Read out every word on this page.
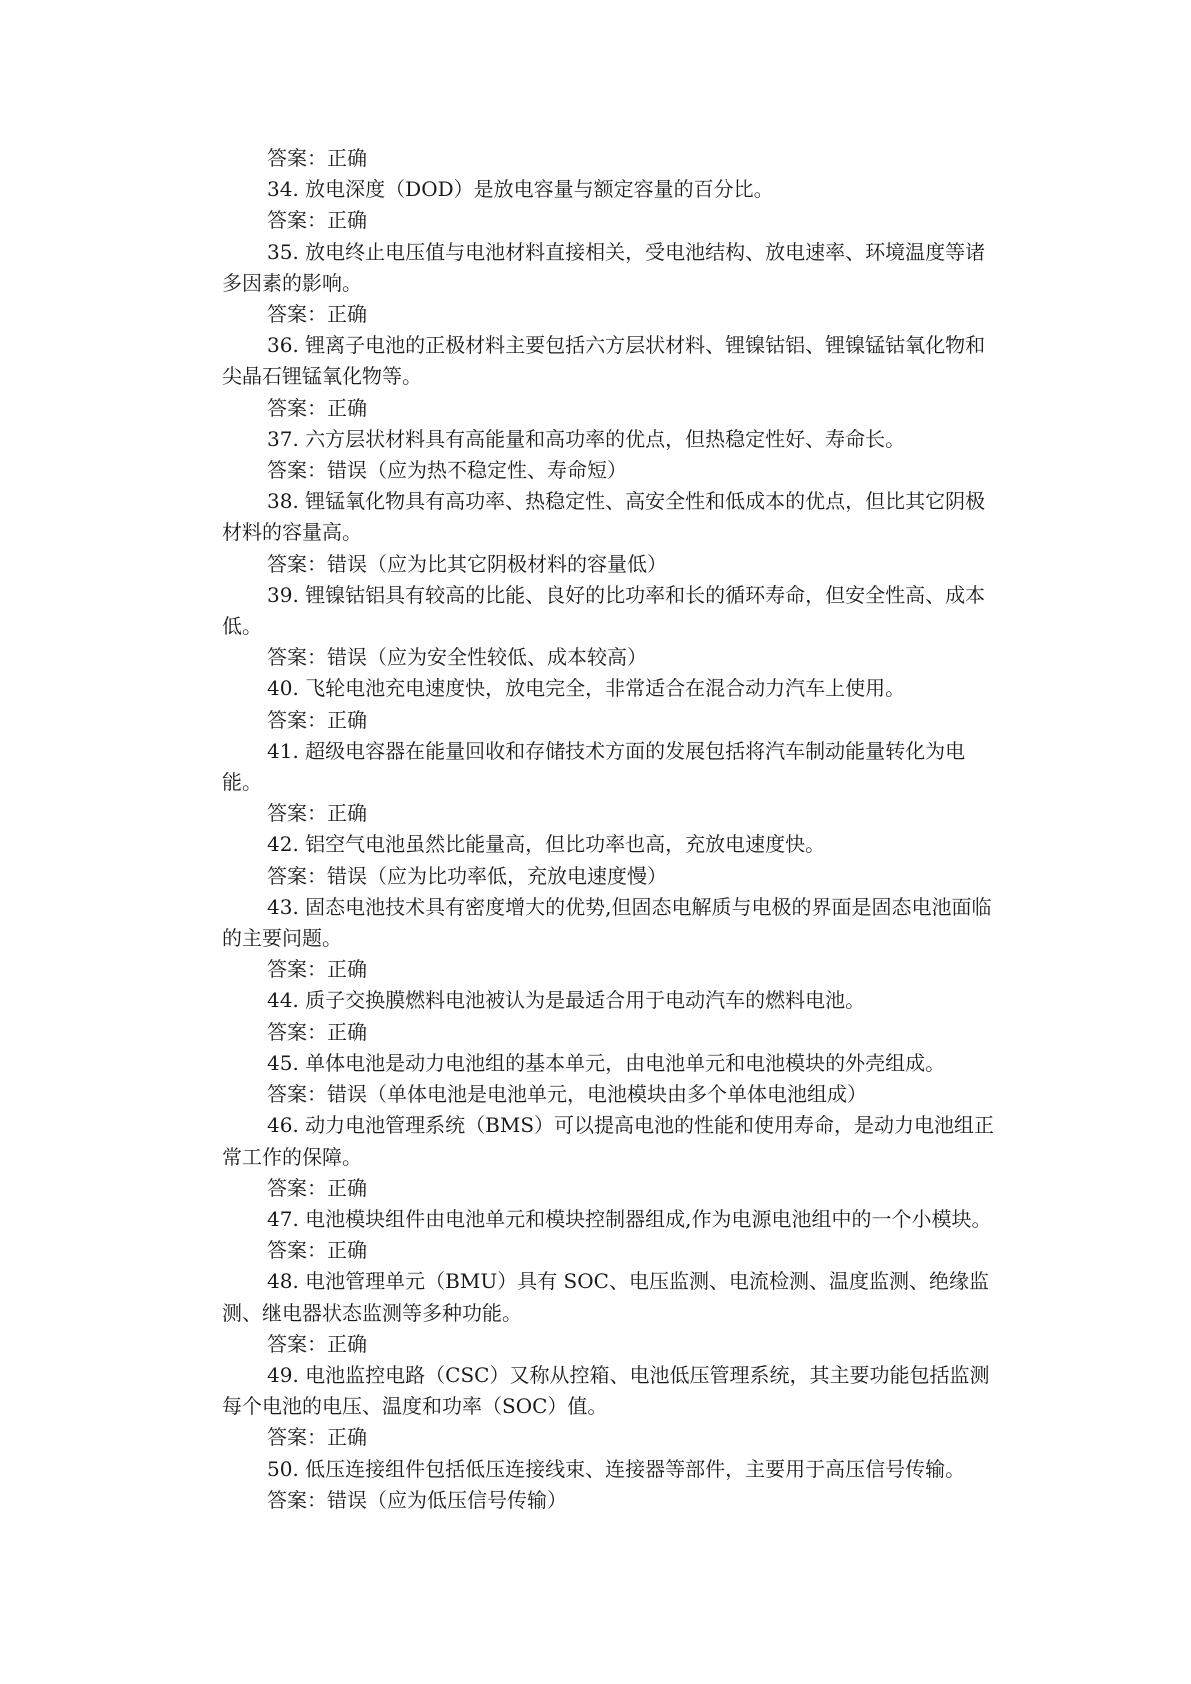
答案：正确

34. 放电深度（DOD）是放电容量与额定容量的百分比。

答案：正确

35. 放电终止电压值与电池材料直接相关，受电池结构、放电速率、环境温度等诸多因素的影响。

答案：正确

36. 锂离子电池的正极材料主要包括六方层状材料、锂镍钴铝、锂镍锰钴氧化物和尖晶石锂锰氧化物等。

答案：正确

37. 六方层状材料具有高能量和高功率的优点，但热稳定性好、寿命长。

答案：错误（应为热不稳定性、寿命短）

38. 锂锰氧化物具有高功率、热稳定性、高安全性和低成本的优点，但比其它阴极材料的容量高。

答案：错误（应为比其它阴极材料的容量低）

39. 锂镍钴铝具有较高的比能、良好的比功率和长的循环寿命，但安全性高、成本低。

答案：错误（应为安全性较低、成本较高）

40. 飞轮电池充电速度快，放电完全，非常适合在混合动力汽车上使用。

答案：正确

41. 超级电容器在能量回收和存储技术方面的发展包括将汽车制动能量转化为电能。

答案：正确

42. 铝空气电池虽然比能量高，但比功率也高，充放电速度快。

答案：错误（应为比功率低，充放电速度慢）

43. 固态电池技术具有密度增大的优势,但固态电解质与电极的界面是固态电池面临的主要问题。

答案：正确

44. 质子交换膜燃料电池被认为是最适合用于电动汽车的燃料电池。

答案：正确

45. 单体电池是动力电池组的基本单元，由电池单元和电池模块的外壳组成。

答案：错误（单体电池是电池单元，电池模块由多个单体电池组成）

46. 动力电池管理系统（BMS）可以提高电池的性能和使用寿命，是动力电池组正常工作的保障。

答案：正确

47. 电池模块组件由电池单元和模块控制器组成,作为电源电池组中的一个小模块。

答案：正确

48. 电池管理单元（BMU）具有 SOC、电压监测、电流检测、温度监测、绝缘监测、继电器状态监测等多种功能。

答案：正确

49. 电池监控电路（CSC）又称从控箱、电池低压管理系统，其主要功能包括监测每个电池的电压、温度和功率（SOC）值。

答案：正确

50. 低压连接组件包括低压连接线束、连接器等部件，主要用于高压信号传输。

答案：错误（应为低压信号传输）
